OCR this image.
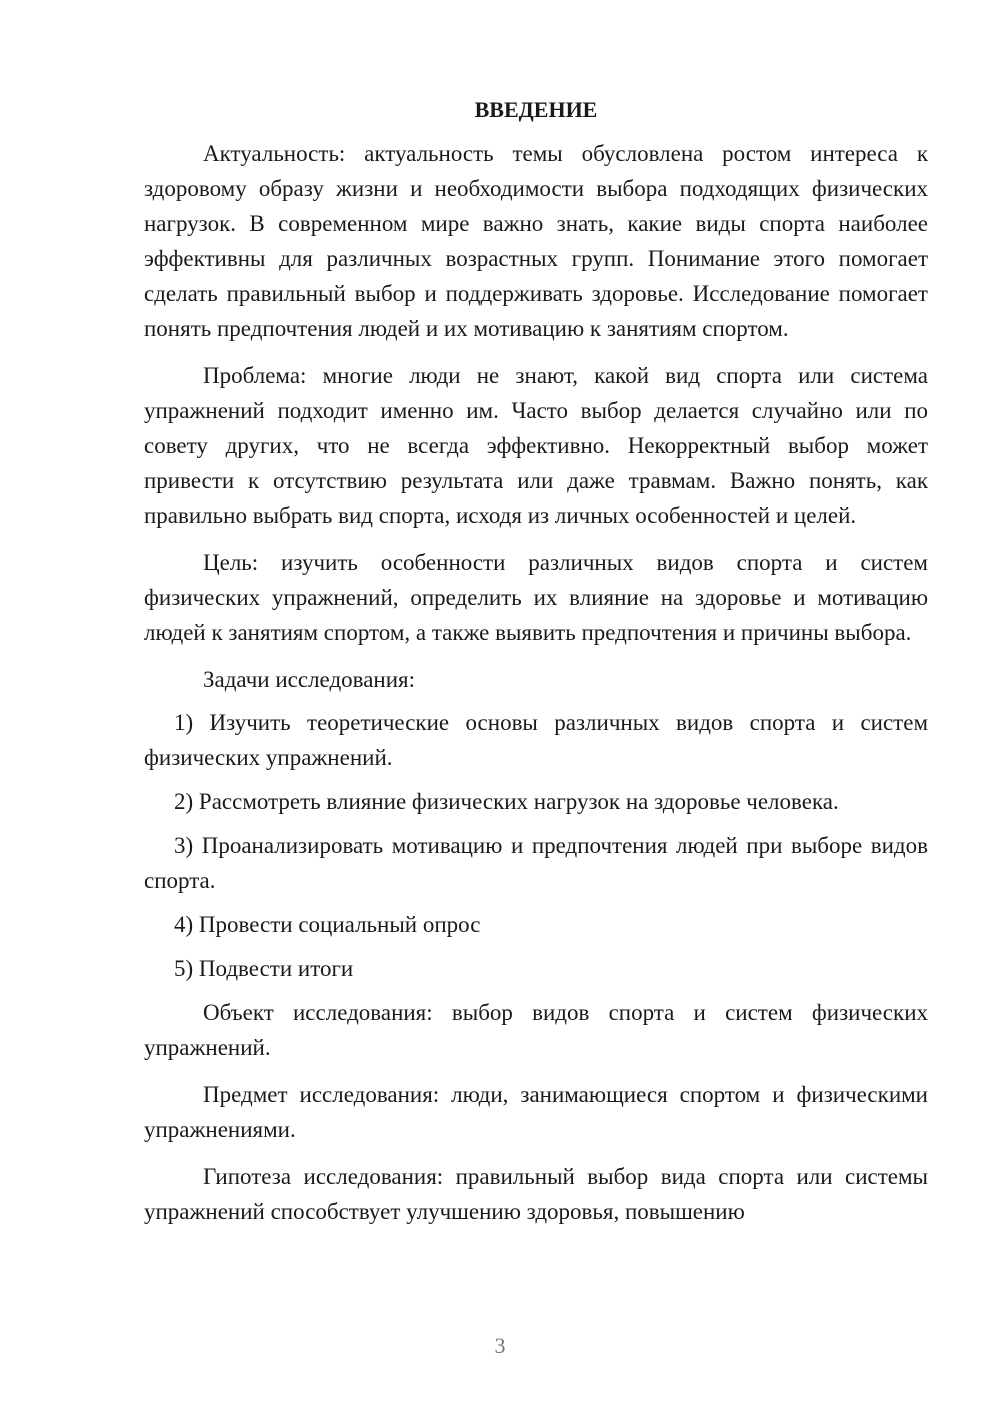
ВВЕДЕНИЕ

Актуальность: актуальность темы обусловлена ростом интереса к здоровому образу жизни и необходимости выбора подходящих физических нагрузок. В современном мире важно знать, какие виды спорта наиболее эффективны для различных возрастных групп. Понимание этого помогает сделать правильный выбор и поддерживать здоровье. Исследование помогает понять предпочтения людей и их мотивацию к занятиям спортом.

Проблема: многие люди не знают, какой вид спорта или система упражнений подходит именно им. Часто выбор делается случайно или по совету других, что не всегда эффективно. Некорректный выбор может привести к отсутствию результата или даже травмам. Важно понять, как правильно выбрать вид спорта, исходя из личных особенностей и целей.

Цель: изучить особенности различных видов спорта и систем физических упражнений, определить их влияние на здоровье и мотивацию людей к занятиям спортом, а также выявить предпочтения и причины выбора.

Задачи исследования:

1) Изучить теоретические основы различных видов спорта и систем физических упражнений.

2) Рассмотреть влияние физических нагрузок на здоровье человека.

3) Проанализировать мотивацию и предпочтения людей при выборе видов спорта.

4) Провести социальный опрос

5) Подвести итоги

Объект исследования: выбор видов спорта и систем физических упражнений.

Предмет исследования: люди, занимающиеся спортом и физическими упражнениями.

Гипотеза исследования: правильный выбор вида спорта или системы упражнений способствует улучшению здоровья, повышению

3
